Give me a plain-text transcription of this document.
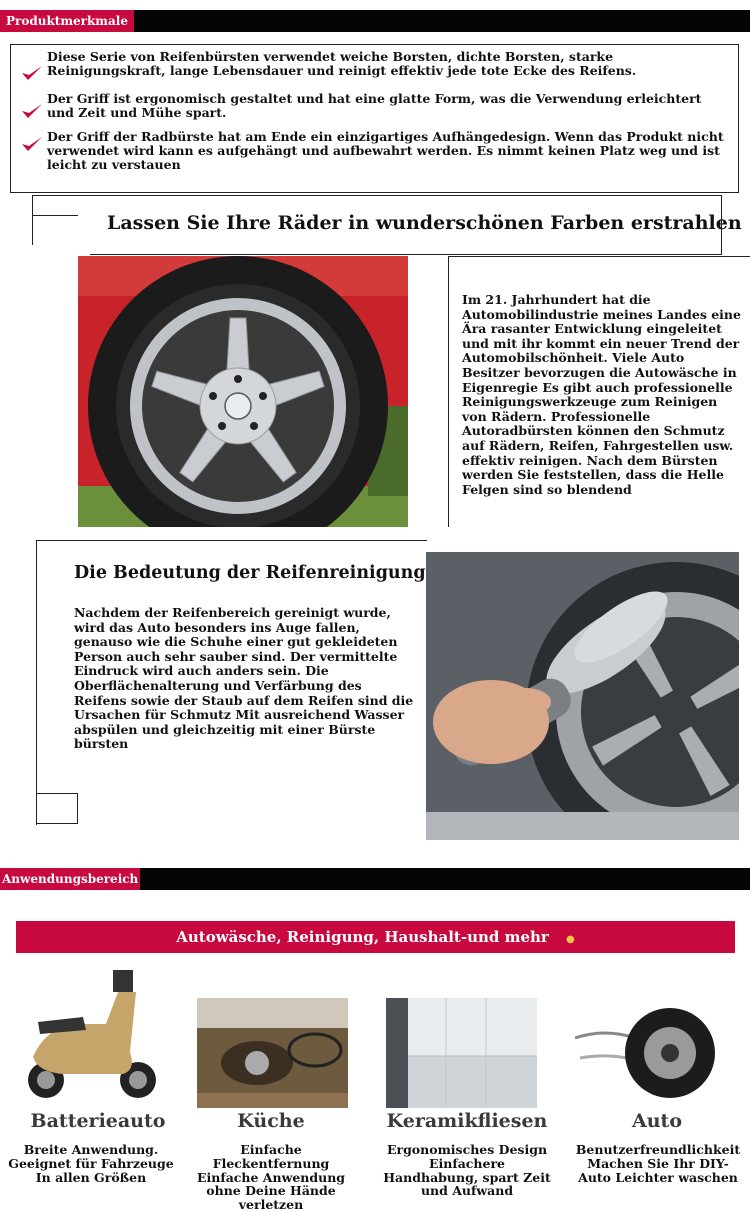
Produktmerkmale
Diese Serie von Reifenbürsten verwendet weiche Borsten, dichte Borsten, starke Reinigungskraft, lange Lebensdauer und reinigt effektiv jede tote Ecke des Reifens.
Der Griff ist ergonomisch gestaltet und hat eine glatte Form, was die Verwendung erleichtert und Zeit und Mühe spart.
Der Griff der Radbürste hat am Ende ein einzigartiges Aufhängedesign. Wenn das Produkt nicht verwendet wird kann es aufgehängt und aufbewahrt werden. Es nimmt keinen Platz weg und ist leicht zu verstauen
Lassen Sie Ihre Räder in wunderschönen Farben erstrahlen
Im 21. Jahrhundert hat die Automobilindustrie meines Landes eine Ära rasanter Entwicklung eingeleitet und mit ihr kommt ein neuer Trend der Automobilschönheit. Viele Auto Besitzer bevorzugen die Autowäsche in Eigenregie Es gibt auch professionelle Reinigungswerkzeuge zum Reinigen von Rädern. Professionelle Autoradbürsten können den Schmutz auf Rädern, Reifen, Fahrgestellen usw. effektiv reinigen. Nach dem Bürsten werden Sie feststellen, dass die Helle Felgen sind so blendend
Die Bedeutung der Reifenreinigung
Nachdem der Reifenbereich gereinigt wurde, wird das Auto besonders ins Auge fallen, genauso wie die Schuhe einer gut gekleideten Person auch sehr sauber sind. Der vermittelte Eindruck wird auch anders sein. Die Oberflächenalterung und Verfärbung des Reifens sowie der Staub auf dem Reifen sind die Ursachen für Schmutz Mit ausreichend Wasser abspülen und gleichzeitig mit einer Bürste bürsten
Anwendungsbereich
Autowäsche, Reinigung, Haushalt-und mehr ●
Batterieauto	Küche	Keramikfliesen	Auto
Breite Anwendung. Geeignet für Fahrzeuge In allen Größen
Einfache Fleckentfernung Einfache Anwendung ohne Deine Hände verletzen
Ergonomisches Design Einfachere Handhabung, spart Zeit und Aufwand
Benutzerfreundlichkeit Machen Sie Ihr DIY-Auto Leichter waschen
